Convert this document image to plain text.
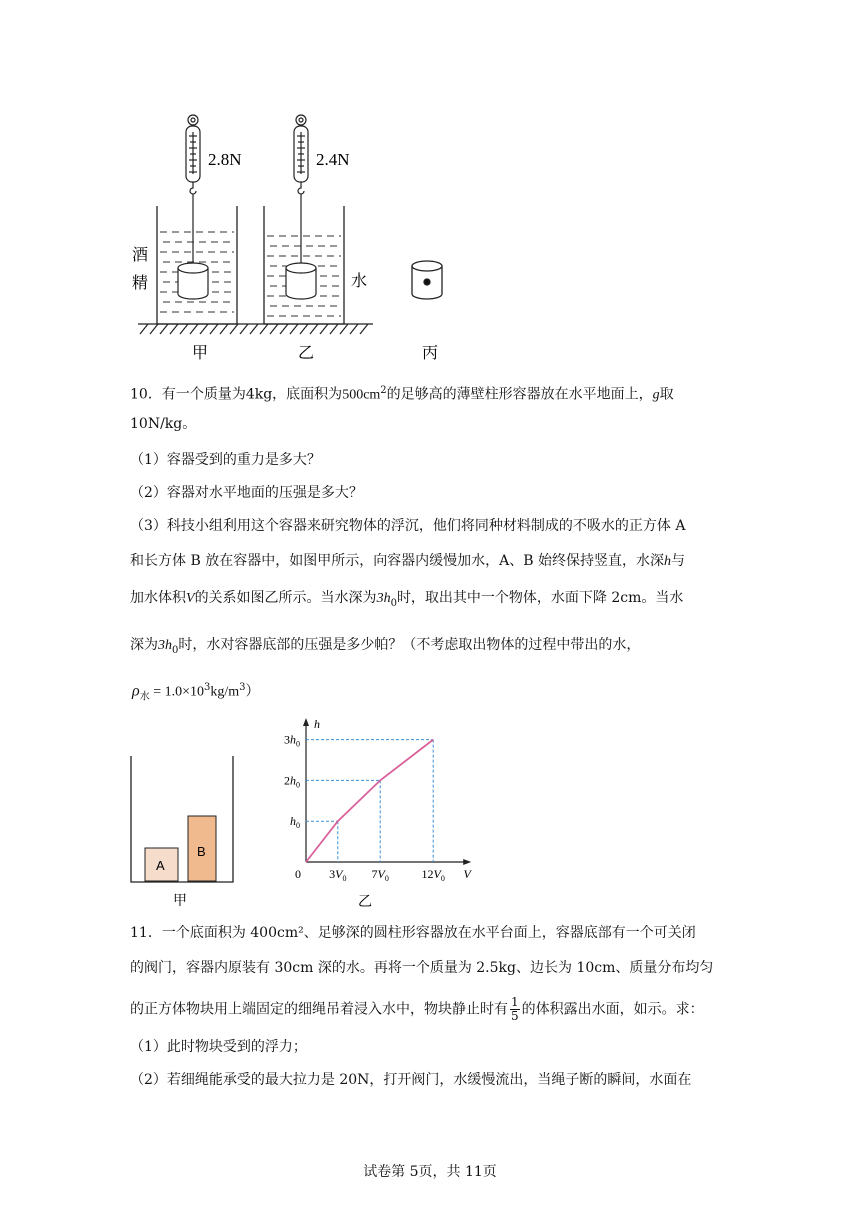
2.8N	2.4N
酒
精	水
甲	乙	丙
10．有一个质量为4kg，底面积为$500cm^2$的足够高的薄壁柱形容器放在水平地面上，g取
10N/kg。
（1）容器受到的重力是多大？
（2）容器对水平地面的压强是多大？
（3）科技小组利用这个容器来研究物体的浮沉，他们将同种材料制成的不吸水的正方体 A
和长方体 B 放在容器中，如图甲所示，向容器内缓慢加水，A、B 始终保持竖直，水深h与
加水体积V的关系如图乙所示。当水深为$3h_0$时，取出其中一个物体，水面下降 2cm。当水
深为$3h_0$时，水对容器底部的压强是多少帕？（不考虑取出物体的过程中带出的水，
$\rho_水 = 1.0\times 10^3kg/m^3$）
A
B
甲
0 $3V_0$ $7V_0$	$12V_0$
$h_0$
$2h_0$
$3h_0$
V
h
乙
11．一个底面积为 400cm²、足够深的圆柱形容器放在水平台面上，容器底部有一个可关闭
的阀门，容器内原装有 30cm 深的水。再将一个质量为 2.5kg、边长为 10cm、质量分布均匀
的正方体物块用上端固定的细绳吊着浸入水中，物块静止时有 $\frac{1}{5}$ 的体积露出水面，如示。求：
（1）此时物块受到的浮力；
（2）若细绳能承受的最大拉力是 20N，打开阀门，水缓慢流出，当绳子断的瞬间，水面在
试卷第 5页，共 11页
